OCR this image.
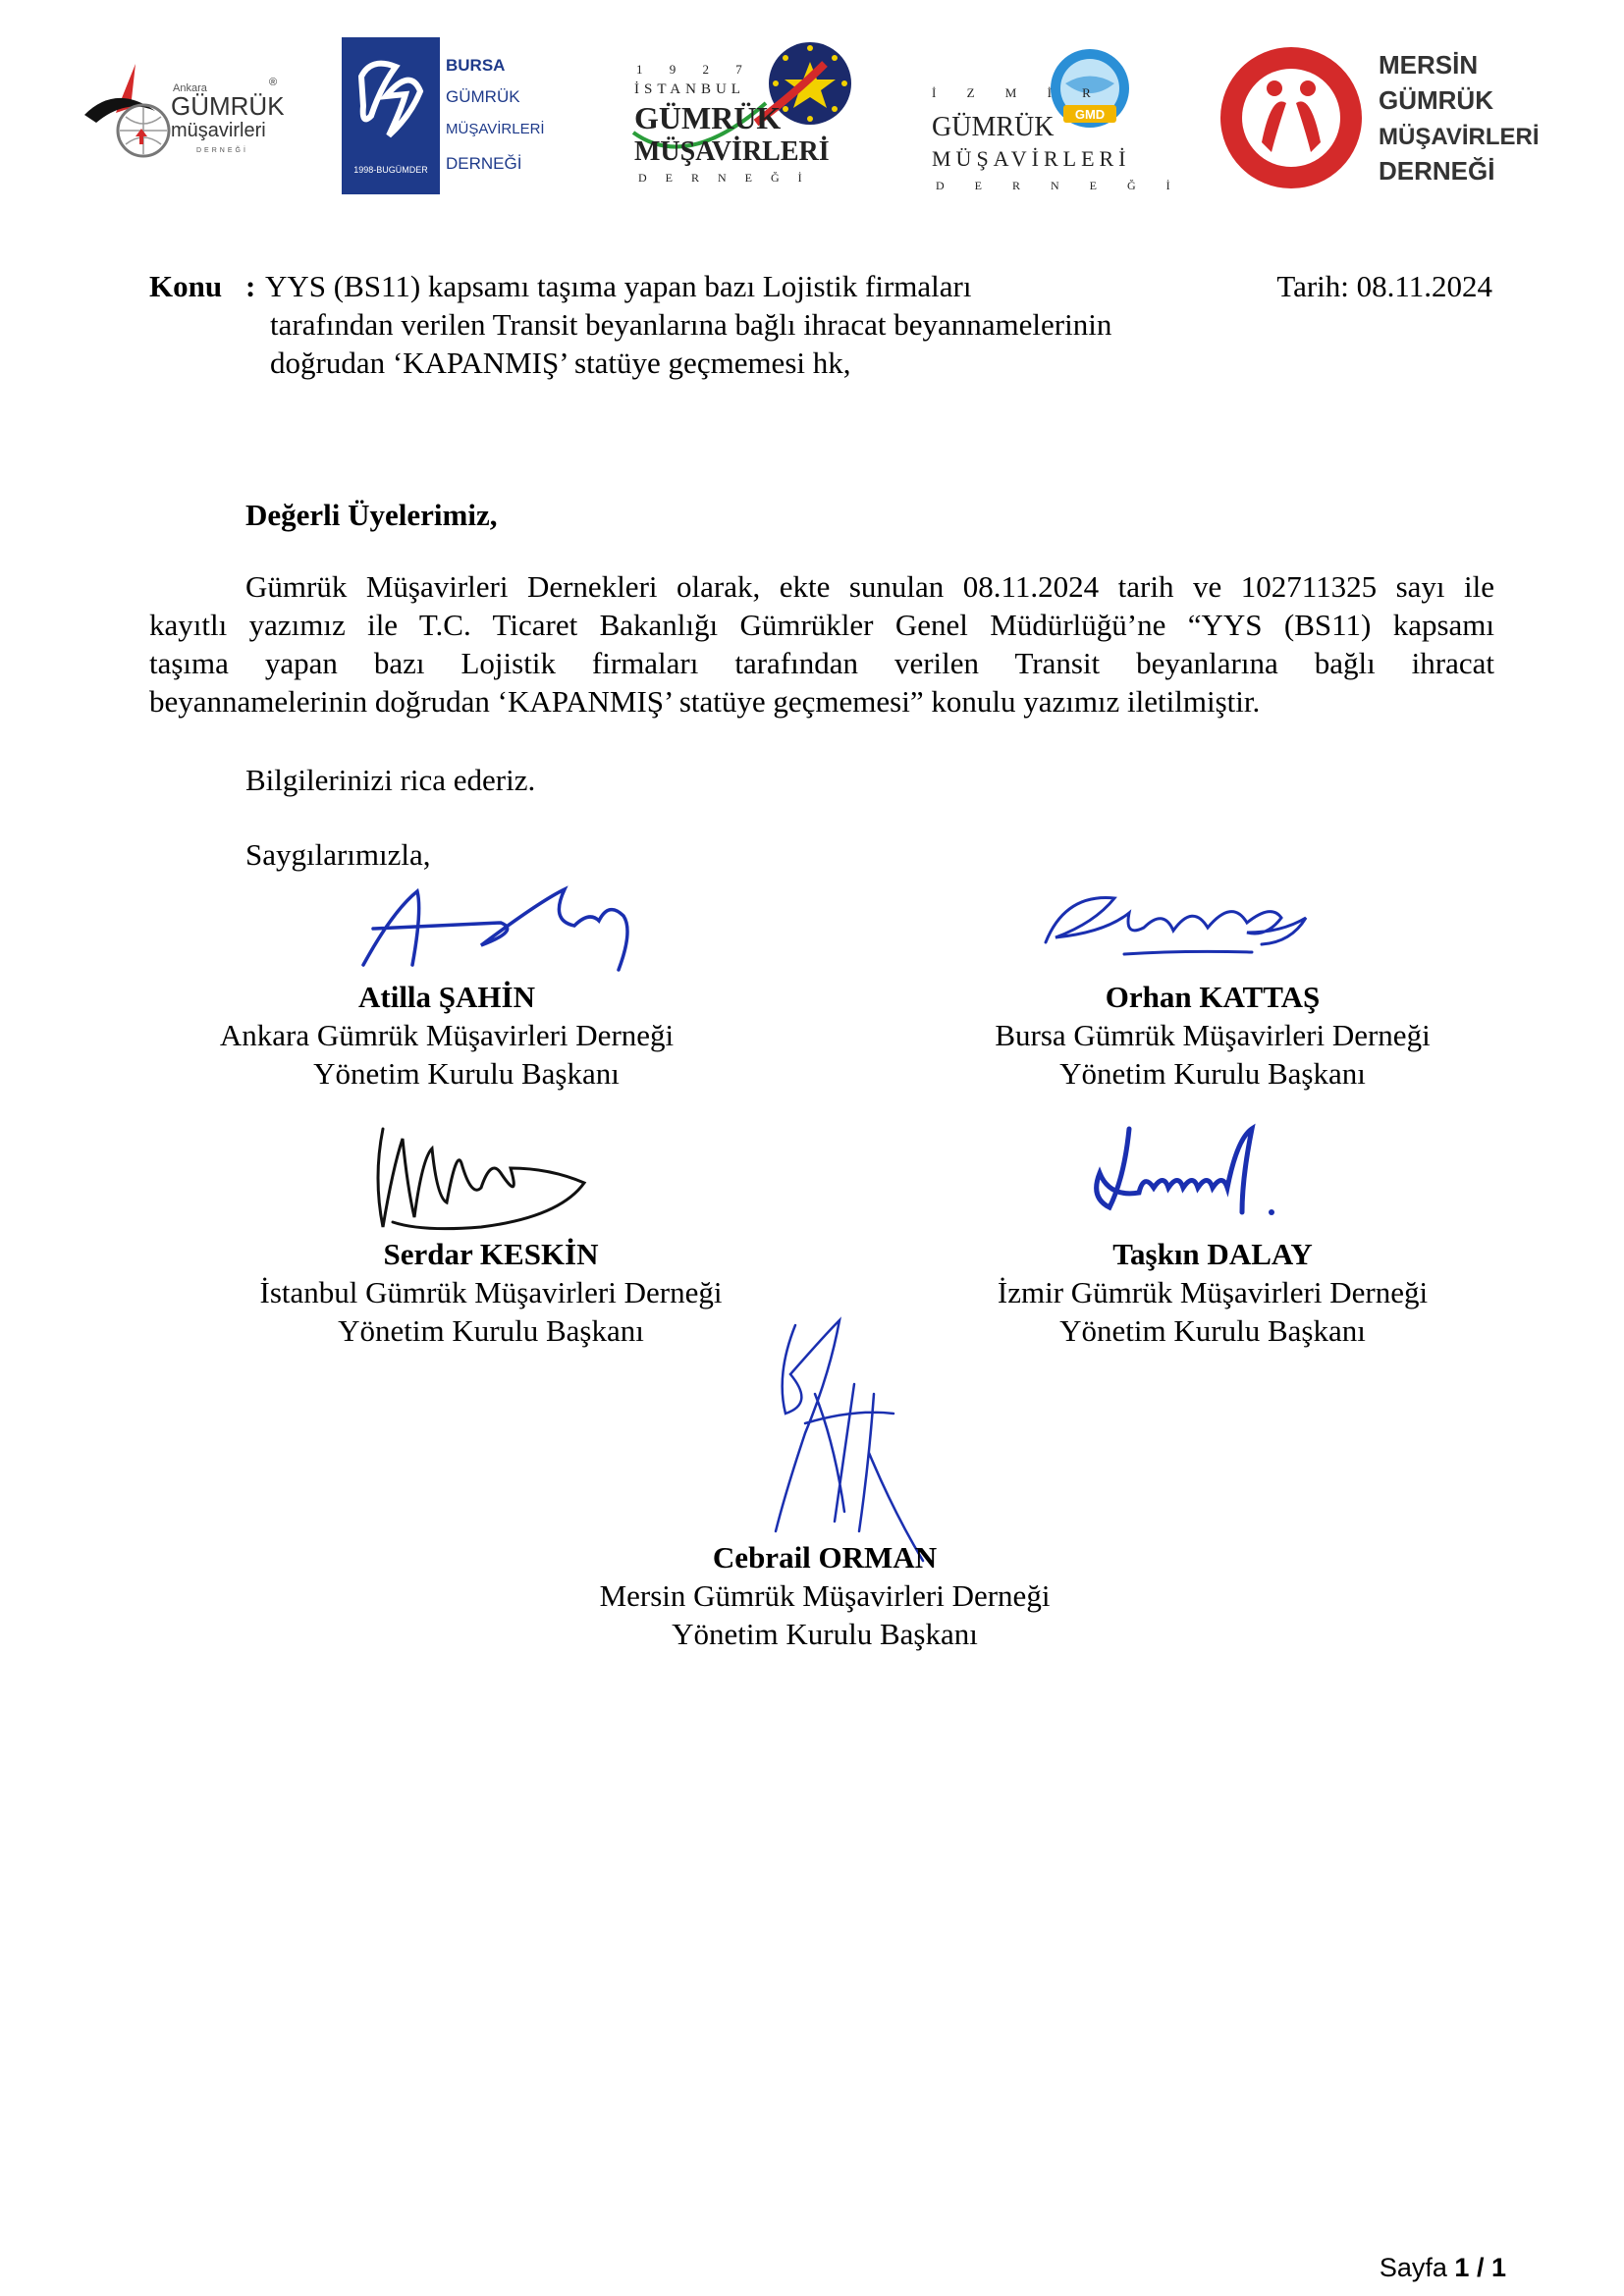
Ankara
GÜMRÜK
müşavirleri
DERNEĞİ
®
1998-BUGÜMDER
BURSA
GÜMRÜK
MÜŞAVİRLERİ
DERNEĞİ
1 9 2 7
İSTANBUL
GÜMRÜK
MÜŞAVİRLERİ
D E R N E Ğ İ
GMD
İ Z M İ R
GÜMRÜK
MÜŞAVİRLERİ
D E R N E Ğ İ
MERSİN
GÜMRÜK
MÜŞAVİRLERİ
DERNEĞİ
Konu : YYS (BS11) kapsamı taşıma yapan bazı Lojistik firmaları
tarafından verilen Transit beyanlarına bağlı ihracat beyannamelerinin
doğrudan ‘KAPANMIŞ’ statüye geçmemesi hk,
Tarih: 08.11.2024
Değerli Üyelerimiz,
Gümrük Müşavirleri Dernekleri olarak, ekte sunulan 08.11.2024 tarih ve 102711325 sayı ile
kayıtlı yazımız ile T.C. Ticaret Bakanlığı Gümrükler Genel Müdürlüğü’ne “YYS (BS11) kapsamı
taşıma yapan bazı Lojistik firmaları tarafından verilen Transit beyanlarına bağlı ihracat
beyannamelerinin doğrudan ‘KAPANMIŞ’ statüye geçmemesi” konulu yazımız iletilmiştir.
Bilgilerinizi rica ederiz.
Saygılarımızla,
Atilla ŞAHİN
Ankara Gümrük Müşavirleri Derneği
Yönetim Kurulu Başkanı
Orhan KATTAŞ
Bursa Gümrük Müşavirleri Derneği
Yönetim Kurulu Başkanı
Serdar KESKİN
İstanbul Gümrük Müşavirleri Derneği
Yönetim Kurulu Başkanı
Taşkın DALAY
İzmir Gümrük Müşavirleri Derneği
Yönetim Kurulu Başkanı
Cebrail ORMAN
Mersin Gümrük Müşavirleri Derneği
Yönetim Kurulu Başkanı
Sayfa 1 / 1
